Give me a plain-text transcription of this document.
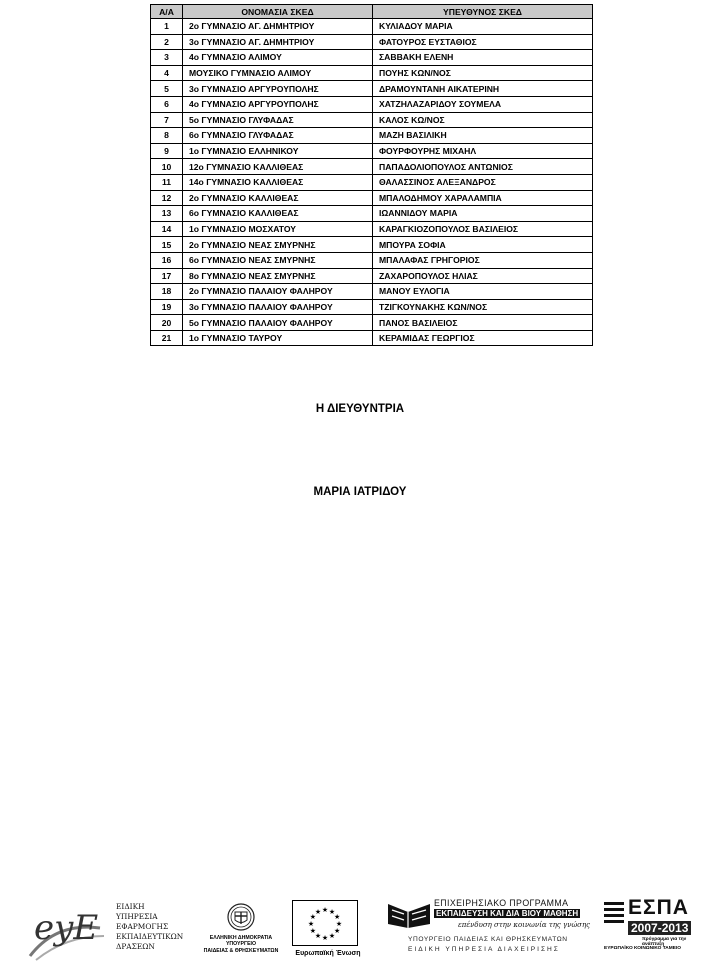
Α/Α	ΟΝΟΜΑΣΙΑ ΣΚΕΔ	ΥΠΕΥΘΥΝΟΣ ΣΚΕΔ
1	2ο ΓΥΜΝΑΣΙΟ ΑΓ. ΔΗΜΗΤΡΙΟΥ	ΚΥΛΙΑΔΟΥ ΜΑΡΙΑ
2	3ο ΓΥΜΝΑΣΙΟ ΑΓ. ΔΗΜΗΤΡΙΟΥ	ΦΑΤΟΥΡΟΣ ΕΥΣΤΑΘΙΟΣ
3	4ο ΓΥΜΝΑΣΙΟ ΑΛΙΜΟΥ	ΣΑΒΒΑΚΗ ΕΛΕΝΗ
4	ΜΟΥΣΙΚΟ ΓΥΜΝΑΣΙΟ ΑΛΙΜΟΥ	ΠΟΥΗΣ ΚΩΝ/ΝΟΣ
5	3ο ΓΥΜΝΑΣΙΟ ΑΡΓΥΡΟΥΠΟΛΗΣ	ΔΡΑΜΟΥΝΤΑΝΗ ΑΙΚΑΤΕΡΙΝΗ
6	4ο ΓΥΜΝΑΣΙΟ ΑΡΓΥΡΟΥΠΟΛΗΣ	ΧΑΤΖΗΛΑΖΑΡΙΔΟΥ ΣΟΥΜΕΛΑ
7	5ο ΓΥΜΝΑΣΙΟ ΓΛΥΦΑΔΑΣ	ΚΑΛΟΣ ΚΩ/ΝΟΣ
8	6ο ΓΥΜΝΑΣΙΟ ΓΛΥΦΑΔΑΣ	ΜΑΖΗ ΒΑΣΙΛΙΚΗ
9	1ο ΓΥΜΝΑΣΙΟ ΕΛΛΗΝΙΚΟΥ	ΦΟΥΡΦΟΥΡΗΣ ΜΙΧΑΗΛ
10	12ο ΓΥΜΝΑΣΙΟ ΚΑΛΛΙΘΕΑΣ	ΠΑΠΑΔΟΛΙΟΠΟΥΛΟΣ ΑΝΤΩΝΙΟΣ
11	14ο ΓΥΜΝΑΣΙΟ ΚΑΛΛΙΘΕΑΣ	ΘΑΛΑΣΣΙΝΟΣ ΑΛΕΞΑΝΔΡΟΣ
12	2ο ΓΥΜΝΑΣΙΟ ΚΑΛΛΙΘΕΑΣ	ΜΠΑΛΟΔΗΜΟΥ ΧΑΡΑΛΑΜΠΙΑ
13	6ο ΓΥΜΝΑΣΙΟ ΚΑΛΛΙΘΕΑΣ	ΙΩΑΝΝΙΔΟΥ ΜΑΡΙΑ
14	1ο ΓΥΜΝΑΣΙΟ ΜΟΣΧΑΤΟΥ	ΚΑΡΑΓΚΙΟΖΟΠΟΥΛΟΣ ΒΑΣΙΛΕΙΟΣ
15	2ο ΓΥΜΝΑΣΙΟ ΝΕΑΣ ΣΜΥΡΝΗΣ	ΜΠΟΥΡΑ ΣΟΦΙΑ
16	6ο ΓΥΜΝΑΣΙΟ ΝΕΑΣ ΣΜΥΡΝΗΣ	ΜΠΑΛΑΦΑΣ ΓΡΗΓΟΡΙΟΣ
17	8ο ΓΥΜΝΑΣΙΟ ΝΕΑΣ ΣΜΥΡΝΗΣ	ΖΑΧΑΡΟΠΟΥΛΟΣ ΗΛΙΑΣ
18	2ο ΓΥΜΝΑΣΙΟ ΠΑΛΑΙΟΥ ΦΑΛΗΡΟΥ	ΜΑΝΟΥ ΕΥΛΟΓΙΑ
19	3ο ΓΥΜΝΑΣΙΟ ΠΑΛΑΙΟΥ ΦΑΛΗΡΟΥ	ΤΖΙΓΚΟΥΝΑΚΗΣ ΚΩΝ/ΝΟΣ
20	5ο ΓΥΜΝΑΣΙΟ ΠΑΛΑΙΟΥ ΦΑΛΗΡΟΥ	ΠΑΝΟΣ ΒΑΣΙΛΕΙΟΣ
21	1ο ΓΥΜΝΑΣΙΟ ΤΑΥΡΟΥ	ΚΕΡΑΜΙΔΑΣ ΓΕΩΡΓΙΟΣ
Η ΔΙΕΥΘΥΝΤΡΙΑ
ΜΑΡΙΑ ΙΑΤΡΙΔΟΥ
eyE
ΕΙΔΙΚΗ
ΥΠΗΡΕΣΙΑ
ΕΦΑΡΜΟΓΗΣ
ΕΚΠΑΙΔΕΥΤΙΚΩΝ
ΔΡΑΣΕΩΝ
ΕΛΛΗΝΙΚΗ ΔΗΜΟΚΡΑΤΙΑ
ΥΠΟΥΡΓΕΙΟ
ΠΑΙΔΕΙΑΣ & ΘΡΗΣΚΕΥΜΑΤΩΝ
★
★
★
★
★
★
★
★
★ ★ ★
★
Ευρωπαϊκή Ένωση
ΕΠΙΧΕΙΡΗΣΙΑΚΟ ΠΡΟΓΡΑΜΜΑ
ΕΚΠΑΙΔΕΥΣΗ ΚΑΙ ΔΙΑ ΒΙΟΥ ΜΑΘΗΣΗ
επένδυση στην κοινωνία της γνώσης
ΥΠΟΥΡΓΕΙΟ ΠΑΙΔΕΙΑΣ ΚΑΙ ΘΡΗΣΚΕΥΜΑΤΩΝ
ΕΙΔΙΚΗ ΥΠΗΡΕΣΙΑ ΔΙΑΧΕΙΡΙΣΗΣ
ΕΣΠΑ
2007-2013
πρόγραμμα για την ανάπτυξη
ΕΥΡΩΠΑΪΚΟ ΚΟΙΝΩΝΙΚΟ ΤΑΜΕΙΟ
